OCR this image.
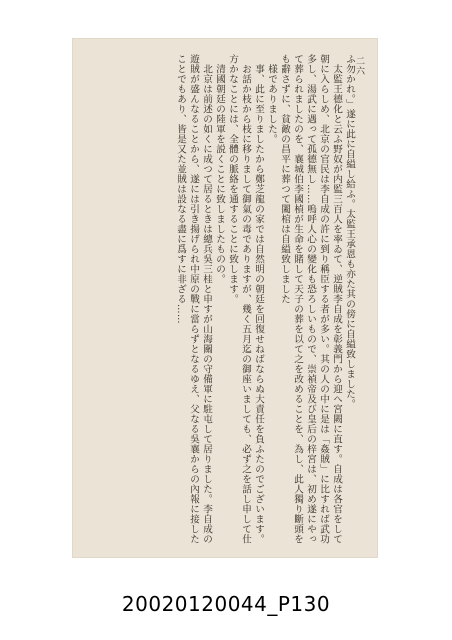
二六

ふ勿かれ。」遂に此に自縊し給ふ。太監王承恩も亦た其の傍に自縊致しました。

太監王德化と云ふ野奴が内監三百人を率ゐて、逆賊李自成を彰義門から迎へ宮闕に直す。自成は各官をして朝に入らしめ、北京の官民は李自成の許に到り稱臣する者が多い。其の人の中に是は「姦賊」に比すれば武功多し、湯武に遇って孤德無し……嗚呼人心の變化も恐ろしいもので、崇禎帝及び皇后の梓宮は、初め遂にやって葬られましたのを、襄城伯李國楨が生命を賭して天子の葬を以て之を改めることを、為し、此人獨り斷頭をも辭さずに、貧敵の昌平に葬つて闔棺は自縊致しました

様でありました。

事、此に至りましたから鄭芝龍の家では自然明の朝廷を回復せねばならぬ大責任を負ふたのでございます。

お話か枝から枝に移りまして御氣の毒でありますが、幾く五月迄の御座いましても、必ず之を話し申して仕方かなことには、全體の脈絡を通することに致します。

清國朝廷の陸軍を説くことに致しましたものの。

北京は前述の如くに成つて居るときは總兵吳三桂と申すが山海關の守備軍に駐屯して居りました。李自成の遊賊が盛んなることから、遂には引き揚げられ中原の戰に當らずとなるゆえ、父なる吳襄からの內報に接したことでもあり、皆是又た並賊は設なる盡に爲すに非ざる……

20020120044_P130
